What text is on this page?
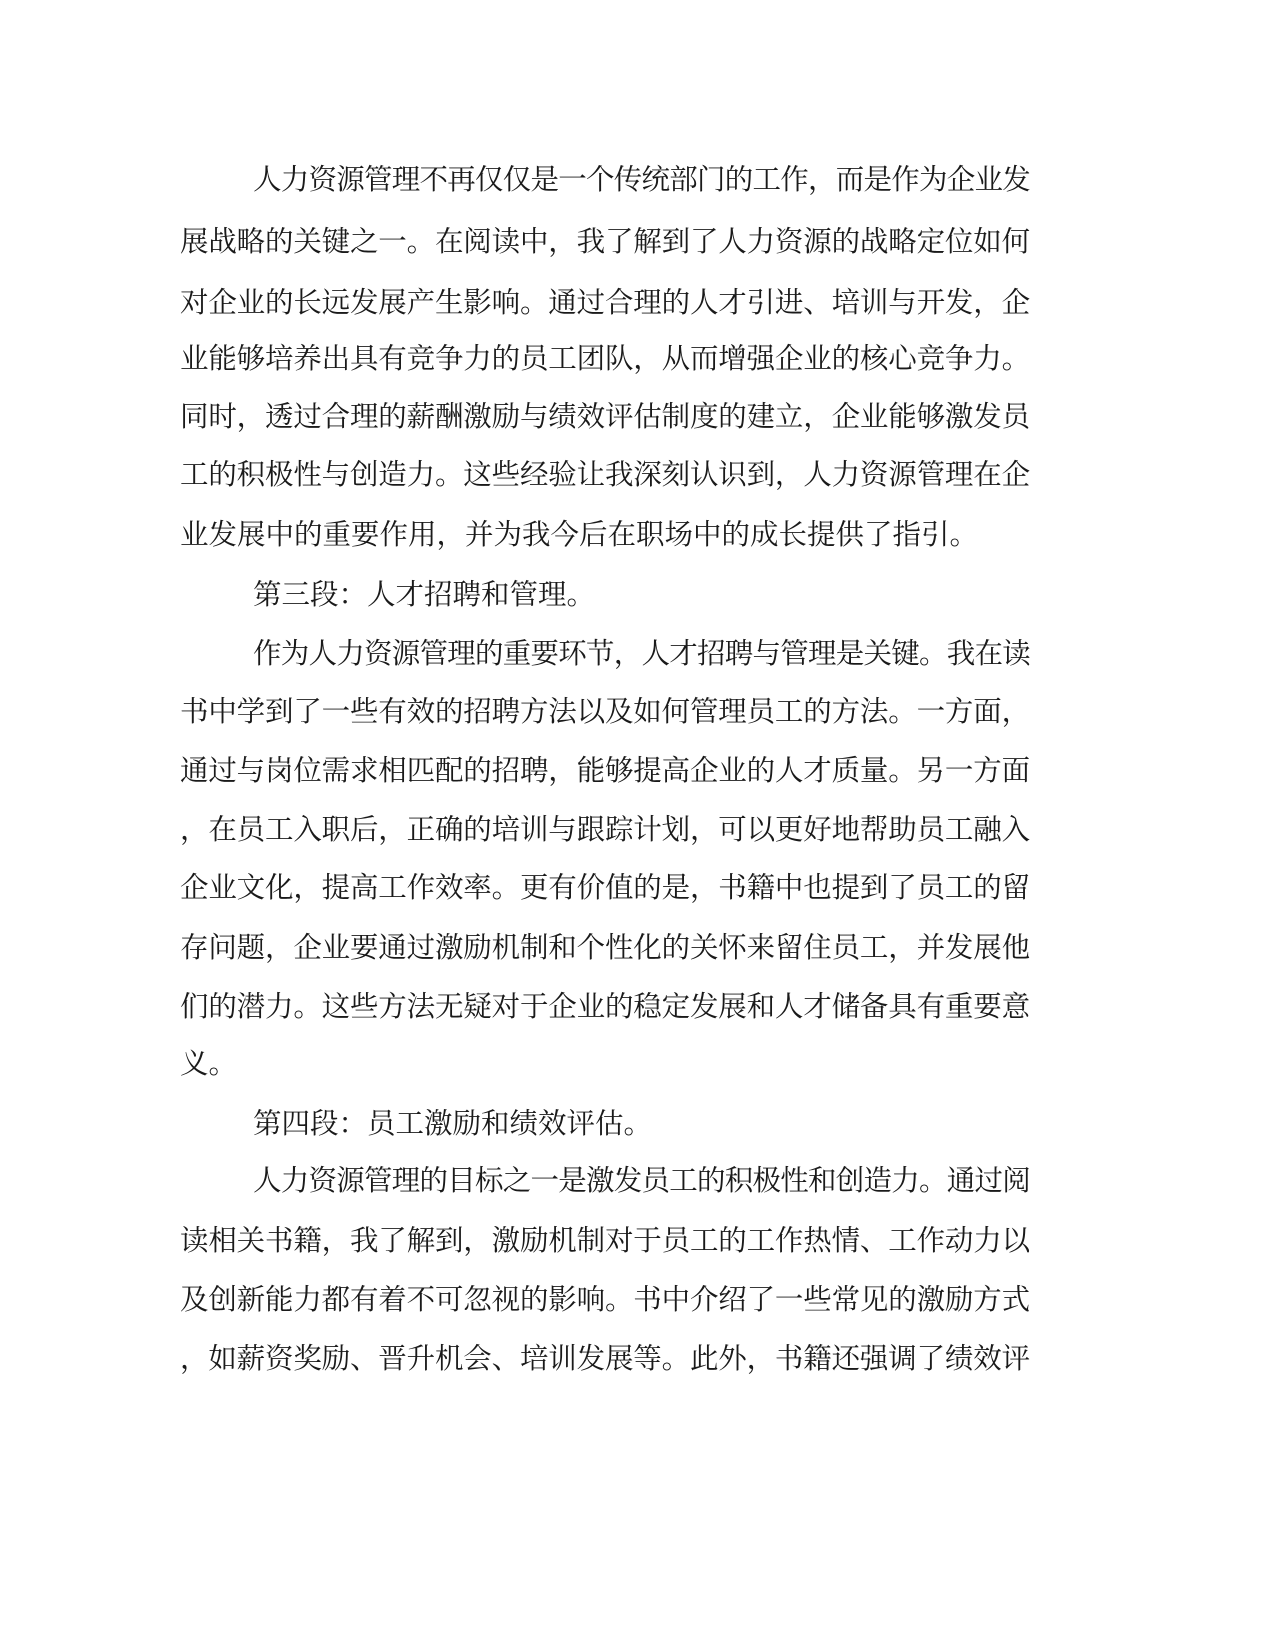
人力资源管理不再仅仅是一个传统部门的工作，而是作为企业发
展战略的关键之一。在阅读中，我了解到了人力资源的战略定位如何
对企业的长远发展产生影响。通过合理的人才引进、培训与开发，企
业能够培养出具有竞争力的员工团队，从而增强企业的核心竞争力。
同时，透过合理的薪酬激励与绩效评估制度的建立，企业能够激发员
工的积极性与创造力。这些经验让我深刻认识到，人力资源管理在企
业发展中的重要作用，并为我今后在职场中的成长提供了指引。
第三段：人才招聘和管理。
作为人力资源管理的重要环节，人才招聘与管理是关键。我在读
书中学到了一些有效的招聘方法以及如何管理员工的方法。一方面，
通过与岗位需求相匹配的招聘，能够提高企业的人才质量。另一方面
，在员工入职后，正确的培训与跟踪计划，可以更好地帮助员工融入
企业文化，提高工作效率。更有价值的是，书籍中也提到了员工的留
存问题，企业要通过激励机制和个性化的关怀来留住员工，并发展他
们的潜力。这些方法无疑对于企业的稳定发展和人才储备具有重要意
义。
第四段：员工激励和绩效评估。
人力资源管理的目标之一是激发员工的积极性和创造力。通过阅
读相关书籍，我了解到，激励机制对于员工的工作热情、工作动力以
及创新能力都有着不可忽视的影响。书中介绍了一些常见的激励方式
，如薪资奖励、晋升机会、培训发展等。此外，书籍还强调了绩效评
